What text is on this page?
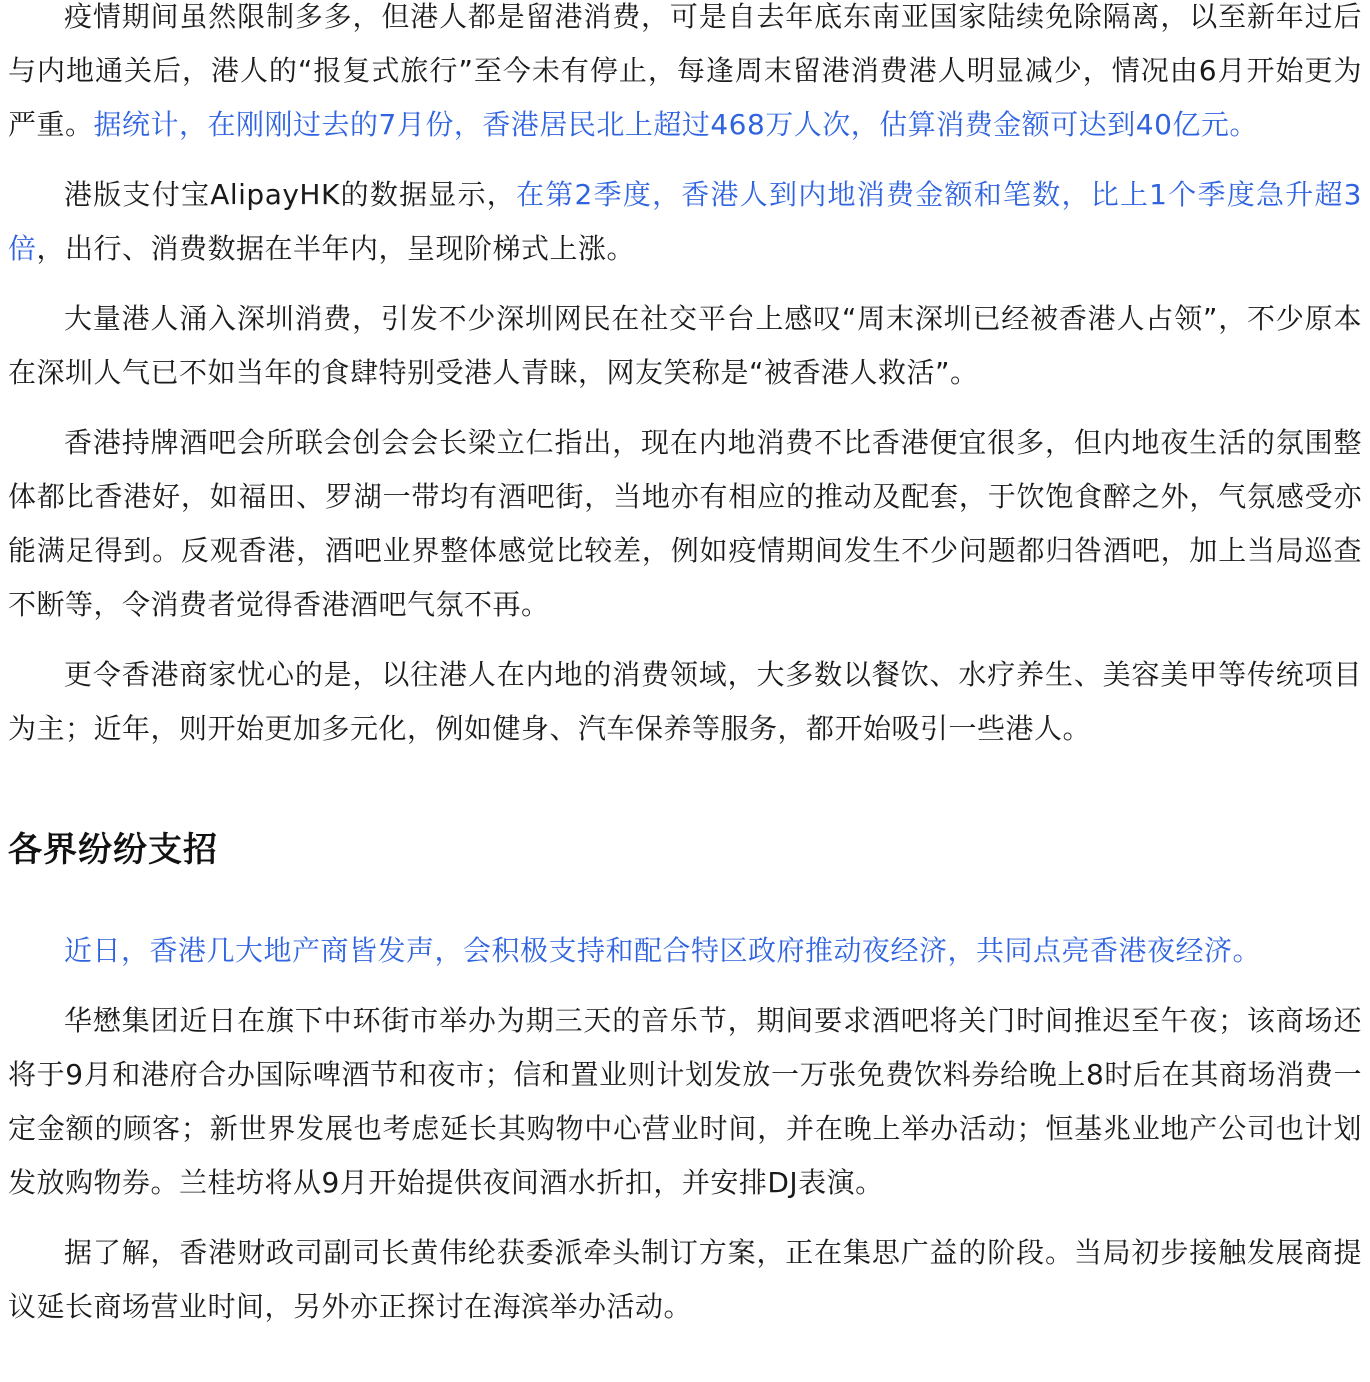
疫情期间虽然限制多多，但港人都是留港消费，可是自去年底东南亚国家陆续免除隔离，以至新年过后与内地通关后，港人的“报复式旅行”至今未有停止，每逢周末留港消费港人明显减少，情况由6月开始更为严重。据统计，在刚刚过去的7月份，香港居民北上超过468万人次，估算消费金额可达到40亿元。

港版支付宝AlipayHK的数据显示，在第2季度，香港人到内地消费金额和笔数，比上1个季度急升超3倍，出行、消费数据在半年内，呈现阶梯式上涨。

大量港人涌入深圳消费，引发不少深圳网民在社交平台上感叹“周末深圳已经被香港人占领”，不少原本在深圳人气已不如当年的食肆特别受港人青睐，网友笑称是“被香港人救活”。

香港持牌酒吧会所联会创会会长梁立仁指出，现在内地消费不比香港便宜很多，但内地夜生活的氛围整体都比香港好，如福田、罗湖一带均有酒吧街，当地亦有相应的推动及配套，于饮饱食醉之外，气氛感受亦能满足得到。反观香港，酒吧业界整体感觉比较差，例如疫情期间发生不少问题都归咎酒吧，加上当局巡查不断等，令消费者觉得香港酒吧气氛不再。

更令香港商家忧心的是，以往港人在内地的消费领域，大多数以餐饮、水疗养生、美容美甲等传统项目为主；近年，则开始更加多元化，例如健身、汽车保养等服务，都开始吸引一些港人。

各界纷纷支招

近日，香港几大地产商皆发声，会积极支持和配合特区政府推动夜经济，共同点亮香港夜经济。

华懋集团近日在旗下中环街市举办为期三天的音乐节，期间要求酒吧将关门时间推迟至午夜；该商场还将于9月和港府合办国际啤酒节和夜市；信和置业则计划发放一万张免费饮料券给晚上8时后在其商场消费一定金额的顾客；新世界发展也考虑延长其购物中心营业时间，并在晚上举办活动；恒基兆业地产公司也计划发放购物券。兰桂坊将从9月开始提供夜间酒水折扣，并安排DJ表演。

据了解，香港财政司副司长黄伟纶获委派牵头制订方案，正在集思广益的阶段。当局初步接触发展商提议延长商场营业时间，另外亦正探讨在海滨举办活动。
